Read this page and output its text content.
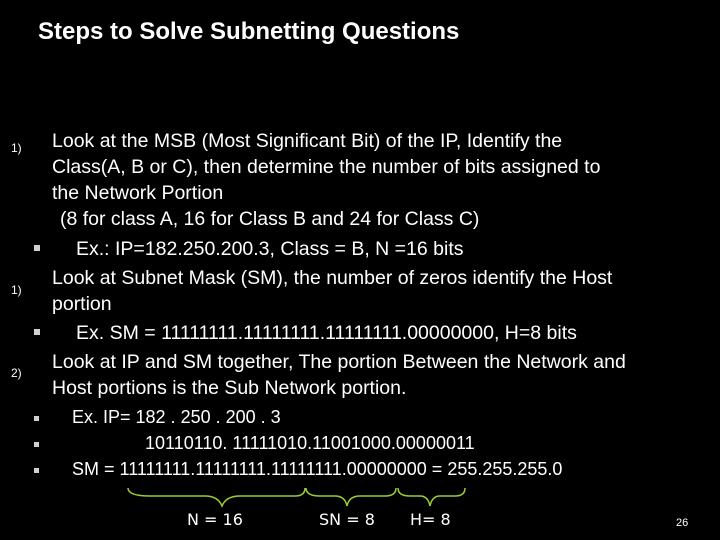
Steps to Solve Subnetting Questions
1) Look at the MSB (Most Significant Bit) of the IP, Identify the
Class(A, B or C), then determine the number of bits assigned to
the Network Portion
(8 for class A, 16 for Class B and 24 for Class C)
Ex.: IP=182.250.200.3, Class = B, N =16 bits
1)
Look at Subnet Mask (SM), the number of zeros identify the Host
portion
Ex. SM = 11111111.11111111.11111111.00000000, H=8 bits
2) Look at IP and SM together, The portion Between the Network and
Host portions is the Sub Network portion.
Ex. IP= 182 . 250 . 200 . 3
10110110. 11111010.11001000.00000011
SM = 11111111.11111111.11111111.00000000 = 255.255.255.0
N = 16	SN = 8 H= 8	26
